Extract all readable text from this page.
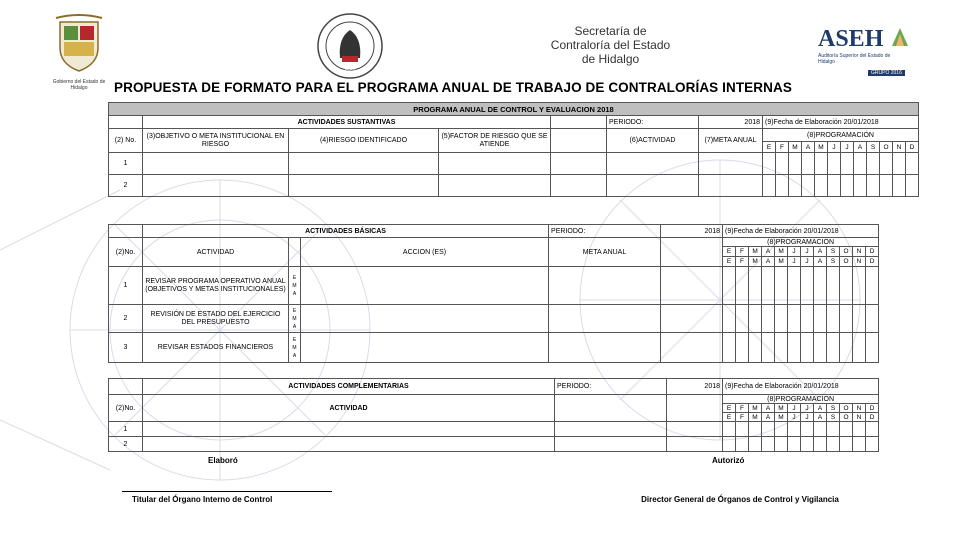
Gobierno del Estado de Hidalgo
LXIII
Secretaría de
Contraloría del Estado
de Hidalgo
ASEH
Auditoría Superior del Estado de Hidalgo
GRUPO 2016
PROPUESTA DE FORMATO PARA EL PROGRAMA ANUAL DE TRABAJO DE CONTRALORÍAS INTERNAS
PROGRAMA ANUAL DE CONTROL Y EVALUACION 2018																		
	ACTIVIDADES SUSTANTIVAS				PERIODO:	2018	(9)Fecha de Elaboración 20/01/2018											
(2) No.	(3)OBJETIVO O META INSTITUCIONAL EN RIESGO	(4)RIESGO IDENTIFICADO	(5)FACTOR DE RIESGO QUE SE ATIENDE		(6)ACTIVIDAD	(7)META ANUAL	(8)PROGRAMACIÓN											
							E	F	M	A	M	J	J	A	S	O	N	D
1																		
2																		
	ACTIVIDADES BÁSICAS			PERIODO:	2018	(9)Fecha de Elaboración 20/01/2018											
(2)No.	ACTIVIDAD		ACCION (ES)	META ANUAL		(8)PROGRAMACIÓN											
						E	F	M	A	M	J	J	A	S	O	N	D
						E	F	M	A	M	J	J	A	S	O	N	D
1	REVISAR PROGRAMA OPERATIVO ANUAL (OBJETIVOS Y METAS INSTITUCIONALES)	E M A															
2	REVISIÓN DE ESTADO DEL EJERCICIO DEL PRESUPUESTO	E M A															
3	REVISAR ESTADOS FINANCIEROS	E M A															
	ACTIVIDADES COMPLEMENTARIAS	PERIODO:	2018	(9)Fecha de Elaboración 20/01/2018											
(2)No.	ACTIVIDAD			(8)PROGRAMACIÓN											
				E	F	M	A	M	J	J	A	S	O	N	D
				E	F	M	A	M	J	J	A	S	O	N	D
1															
2															
Elaboró	Autorizó
Titular del Órgano Interno de Control	Director General de Órganos de Control y Vigilancia
